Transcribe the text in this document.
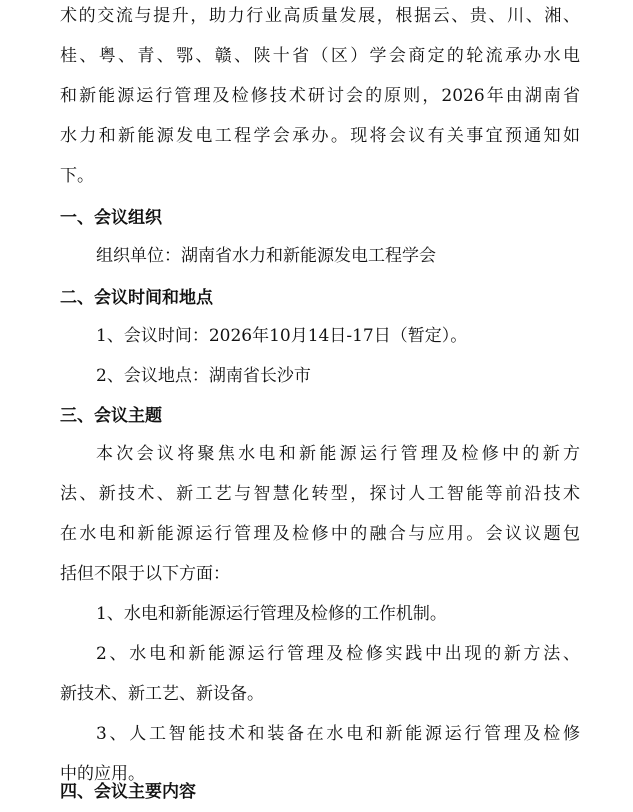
术的交流与提升，助力行业高质量发展，根据云、贵、川、湘、
桂、粤、青、鄂、赣、陕十省（区）学会商定的轮流承办水电
和新能源运行管理及检修技术研讨会的原则，2026年由湖南省
水力和新能源发电工程学会承办。现将会议有关事宜预通知如
下。
一、会议组织
组织单位：湖南省水力和新能源发电工程学会
二、会议时间和地点
1、会议时间：2026年10月14日-17日（暂定）。
2、会议地点：湖南省长沙市
三、会议主题
本次会议将聚焦水电和新能源运行管理及检修中的新方
法、新技术、新工艺与智慧化转型，探讨人工智能等前沿技术
在水电和新能源运行管理及检修中的融合与应用。会议议题包
括但不限于以下方面：
1、水电和新能源运行管理及检修的工作机制。
2、水电和新能源运行管理及检修实践中出现的新方法、
新技术、新工艺、新设备。
3、人工智能技术和装备在水电和新能源运行管理及检修
中的应用。
四、会议主要内容
